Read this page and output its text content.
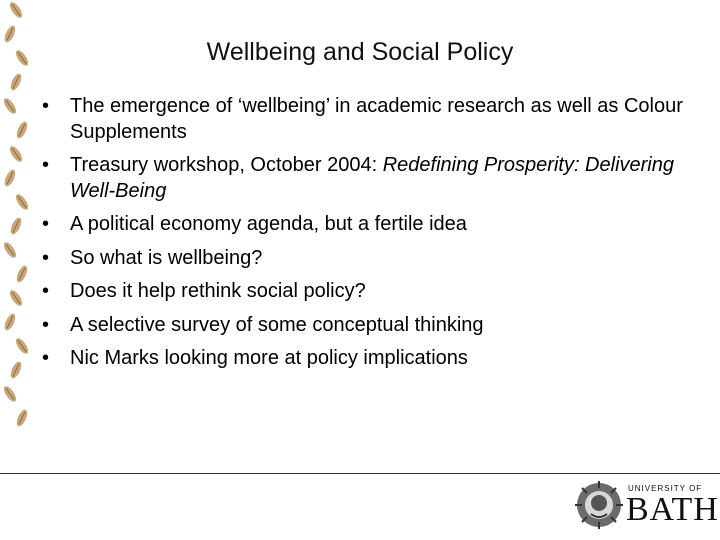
Wellbeing and Social Policy
• The emergence of ‘wellbeing’ in academic research as well as Colour Supplements
• Treasury workshop, October 2004: Redefining Prosperity: Delivering Well-Being
• A political economy agenda, but a fertile idea
• So what is wellbeing?
• Does it help rethink social policy?
• A selective survey of some conceptual thinking
• Nic Marks looking more at policy implications
UNIVERSITY OF
BATH
